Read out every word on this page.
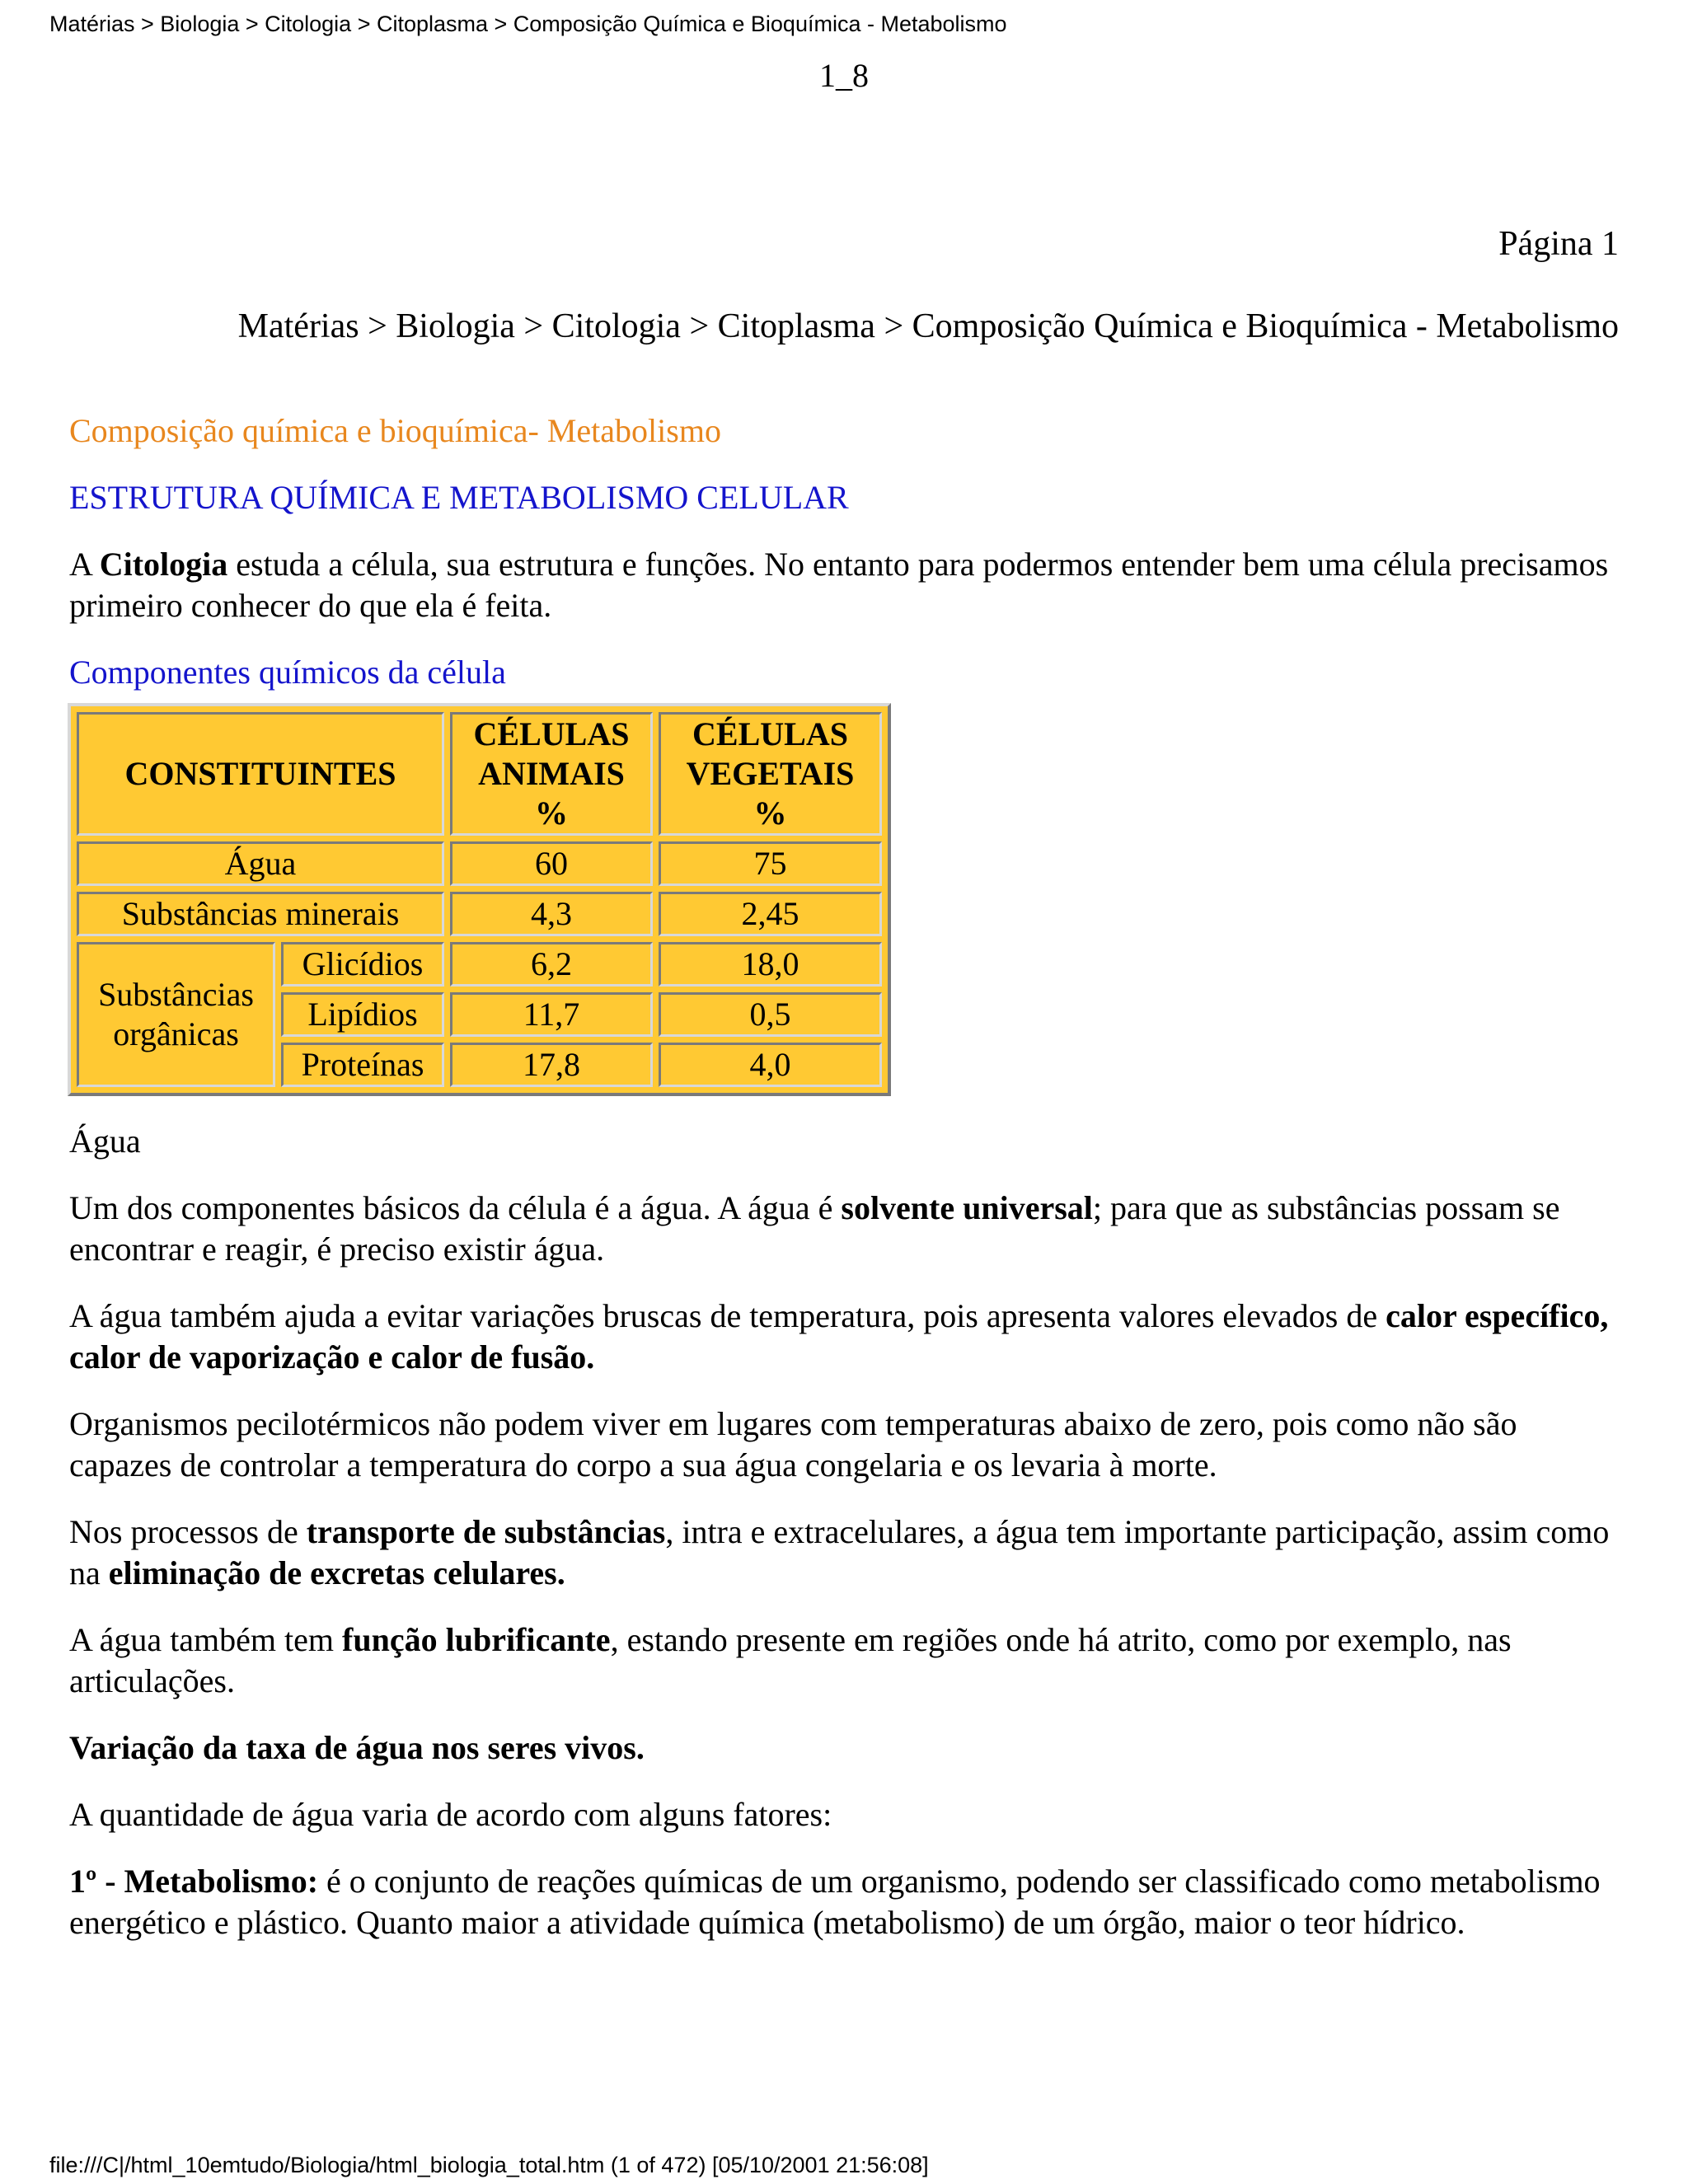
Matérias > Biologia > Citologia > Citoplasma > Composição Química e Bioquímica - Metabolismo
1_8
Página 1
Matérias > Biologia > Citologia > Citoplasma > Composição Química e Bioquímica - Metabolismo

Composição química e bioquímica- Metabolismo

ESTRUTURA QUÍMICA E METABOLISMO CELULAR

A Citologia estuda a célula, sua estrutura e funções. No entanto para podermos entender bem uma célula precisamos primeiro conhecer do que ela é feita.

Componentes químicos da célula

CONSTITUINTES		CÉLULAS ANIMAIS %	CÉLULAS VEGETAIS %
Água		60	75
Substâncias minerais		4,3	2,45
Substâncias orgânicas	Glicídios	6,2	18,0
	Lipídios	11,7	0,5
	Proteínas	17,8	4,0

Água

Um dos componentes básicos da célula é a água. A água é solvente universal; para que as substâncias possam se encontrar e reagir, é preciso existir água.

A água também ajuda a evitar variações bruscas de temperatura, pois apresenta valores elevados de calor específico, calor de vaporização e calor de fusão.

Organismos pecilotérmicos não podem viver em lugares com temperaturas abaixo de zero, pois como não são capazes de controlar a temperatura do corpo a sua água congelaria e os levaria à morte.

Nos processos de transporte de substâncias, intra e extracelulares, a água tem importante participação, assim como na eliminação de excretas celulares.

A água também tem função lubrificante, estando presente em regiões onde há atrito, como por exemplo, nas articulações.

Variação da taxa de água nos seres vivos.

A quantidade de água varia de acordo com alguns fatores:

1º - Metabolismo: é o conjunto de reações químicas de um organismo, podendo ser classificado como metabolismo energético e plástico. Quanto maior a atividade química (metabolismo) de um órgão, maior o teor hídrico.

file:///C|/html_10emtudo/Biologia/html_biologia_total.htm (1 of 472) [05/10/2001 21:56:08]
